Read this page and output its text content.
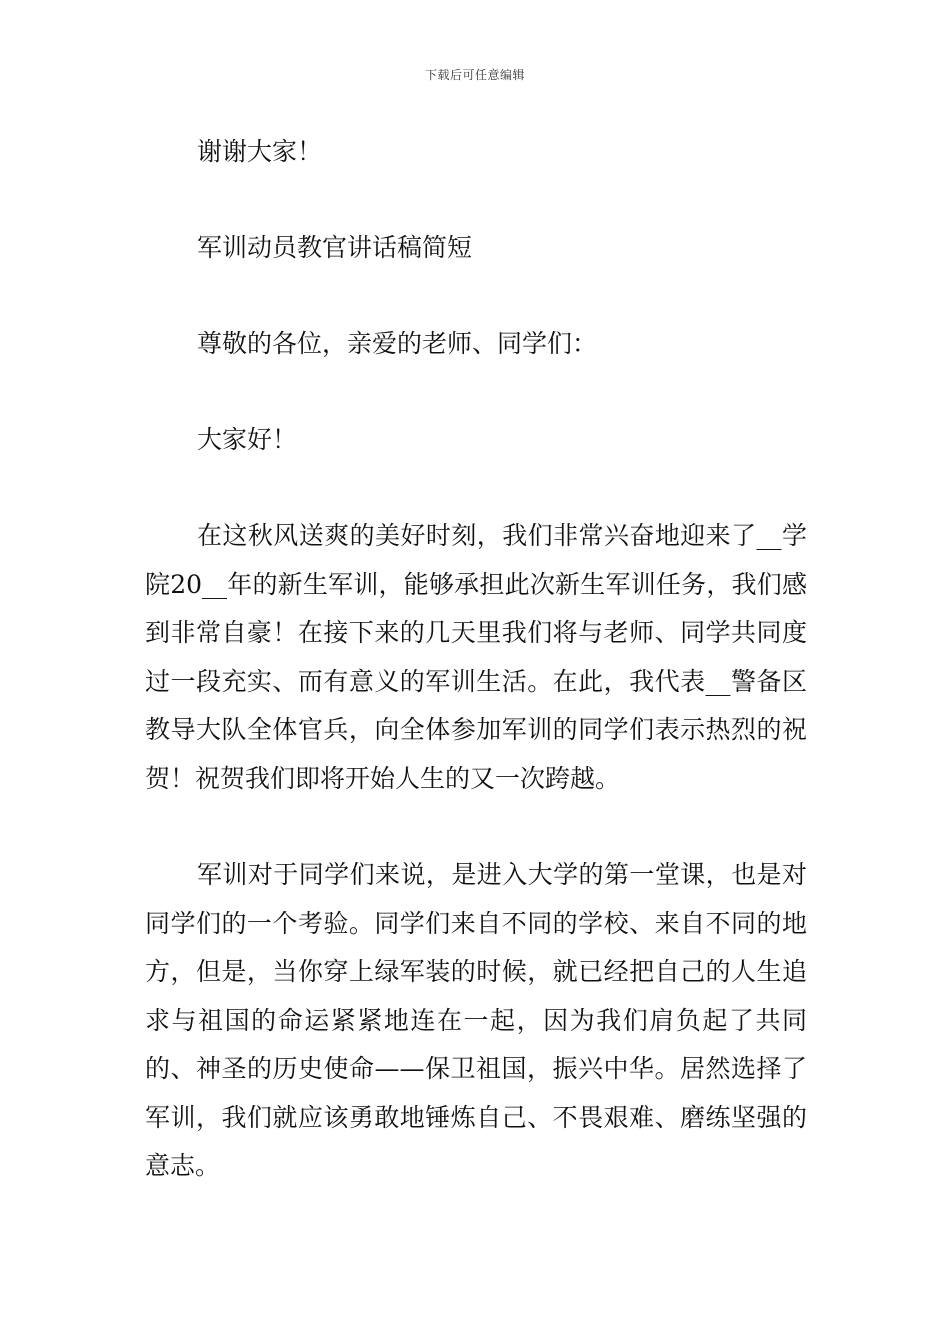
下载后可任意编辑

谢谢大家！

军训动员教官讲话稿简短

尊敬的各位，亲爱的老师、同学们：

大家好！

在这秋风送爽的美好时刻，我们非常兴奋地迎来了__学院20__年的新生军训，能够承担此次新生军训任务，我们感到非常自豪！在接下来的几天里我们将与老师、同学共同度过一段充实、而有意义的军训生活。在此，我代表__警备区教导大队全体官兵，向全体参加军训的同学们表示热烈的祝贺！祝贺我们即将开始人生的又一次跨越。

军训对于同学们来说，是进入大学的第一堂课，也是对同学们的一个考验。同学们来自不同的学校、来自不同的地方，但是，当你穿上绿军装的时候，就已经把自己的人生追求与祖国的命运紧紧地连在一起，因为我们肩负起了共同的、神圣的历史使命——保卫祖国，振兴中华。居然选择了军训，我们就应该勇敢地锤炼自己、不畏艰难、磨练坚强的意志。
